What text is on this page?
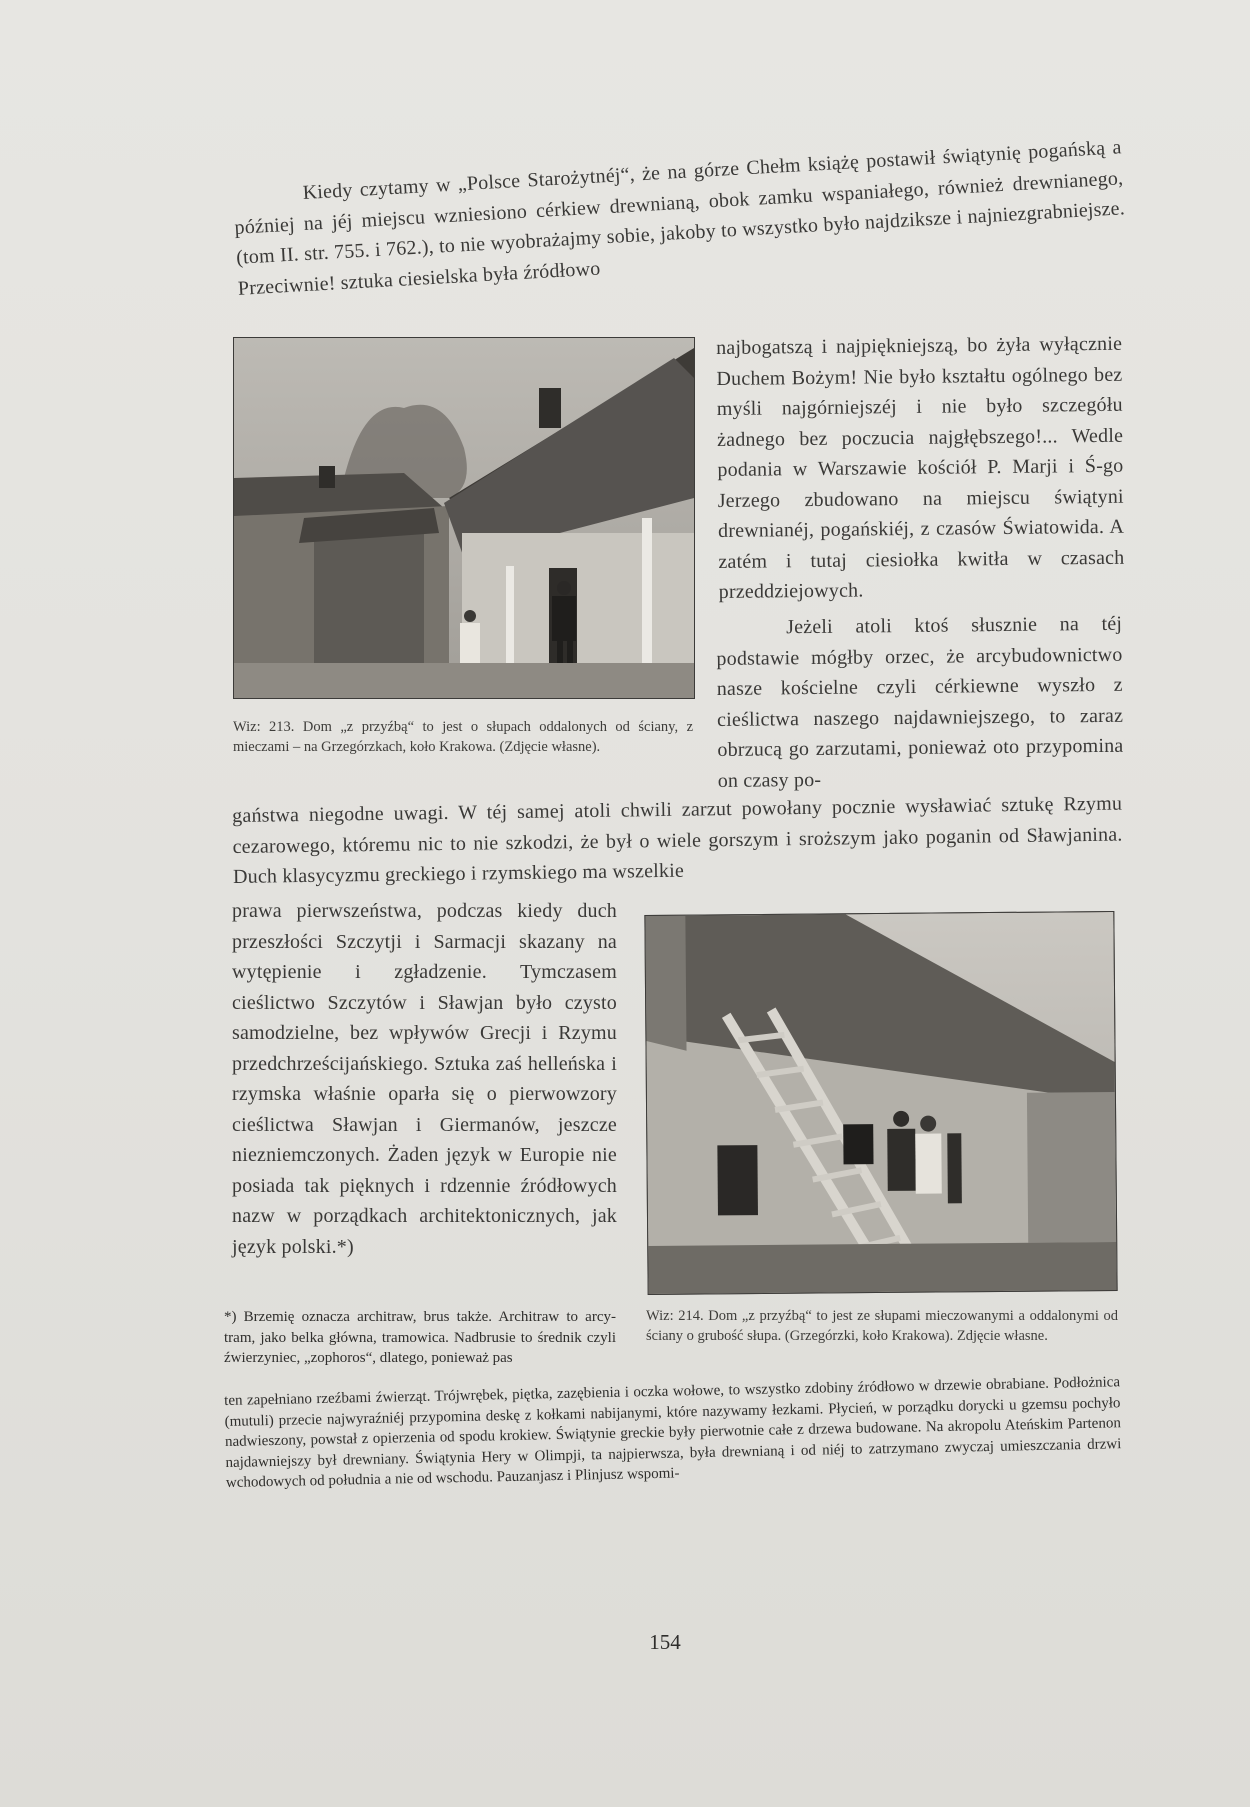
Kiedy czytamy w „Polsce Starożytnéj“, że na górze Chełm książę postawił świątynię pogańską a później na jéj miejscu wzniesiono cérkiew drewnianą, obok zamku wspaniałego, również drewnianego, (tom II. str. 755. i 762.), to nie wyobrażajmy sobie, jakoby to wszystko było najdziksze i najniezgrabniejsze. Przeciwnie! sztuka ciesielska była źródłowo

najbogatszą i najpiękniejszą, bo żyła wyłącznie Duchem Bożym! Nie było kształtu ogólnego bez myśli najgórniejszéj i nie było szczegółu żadnego bez poczucia najgłębszego!... Wedle podania w Warszawie kościół P. Marji i Ś-go Jerzego zbudowano na miejscu świątyni drewnianéj, pogańskiéj, z czasów Światowida. A zatém i tutaj ciesiołka kwitła w czasach przeddziejowych.

Wiz: 213. Dom „z przyźbą“ to jest o słupach oddalonych od ściany, z mieczami – na Grzegórzkach, koło Krakowa. (Zdjęcie własne).

Jeżeli atoli ktoś słusznie na téj podstawie mógłby orzec, że arcybudownictwo nasze kościelne czyli cérkiewne wyszło z cieślictwa naszego najdawniejszego, to zaraz obrzucą go zarzutami, ponieważ oto przypomina on czasy po-

gaństwa niegodne uwagi. W téj samej atoli chwili zarzut powołany pocznie wysławiać sztukę Rzymu cezarowego, któremu nic to nie szkodzi, że był o wiele gorszym i sroższym jako poganin od Sławjanina. Duch klasycyzmu greckiego i rzymskiego ma wszelkie

prawa pierwszeństwa, podczas kiedy duch przeszłości Szczytji i Sarmacji skazany na wytępienie i zgładzenie. Tymczasem cieślictwo Szczytów i Sławjan było czysto samodzielne, bez wpływów Grecji i Rzymu przedchrześcijańskiego. Sztuka zaś helleńska i rzymska właśnie oparła się o pierwowzory cieślictwa Sławjan i Giermanów, jeszcze niezniemczonych. Żaden język w Europie nie posiada tak pięknych i rdzennie źródłowych nazw w porządkach architektonicznych, jak język polski.*)

Wiz: 214. Dom „z przyźbą“ to jest ze słupami mieczowanymi a oddalonymi od ściany o grubość słupa. (Grzegórzki, koło Krakowa). Zdjęcie własne.

*) Brzemię oznacza architraw, brus także. Architraw to arcy-tram, jako belka główna, tramowica. Nadbrusie to średnik czyli źwierzyniec, „zophoros“, dlatego, ponieważ pas

ten zapełniano rzeźbami źwierząt. Trójwrębek, piętka, zazębienia i oczka wołowe, to wszystko zdobiny źródłowo w drzewie obrabiane. Podłożnica (mutuli) przecie najwyraźniéj przypomina deskę z kołkami nabijanymi, które nazywamy łezkami. Płycień, w porządku dorycki u gzemsu pochyło nadwieszony, powstał z opierzenia od spodu krokiew. Świątynie greckie były pierwotnie całe z drzewa budowane. Na akropolu Ateńskim Partenon najdawniejszy był drewniany. Świątynia Hery w Olimpji, ta najpierwsza, była drewnianą i od niéj to zatrzymano zwyczaj umieszczania drzwi wchodowych od południa a nie od wschodu. Pauzanjasz i Plinjusz wspomi-

154
